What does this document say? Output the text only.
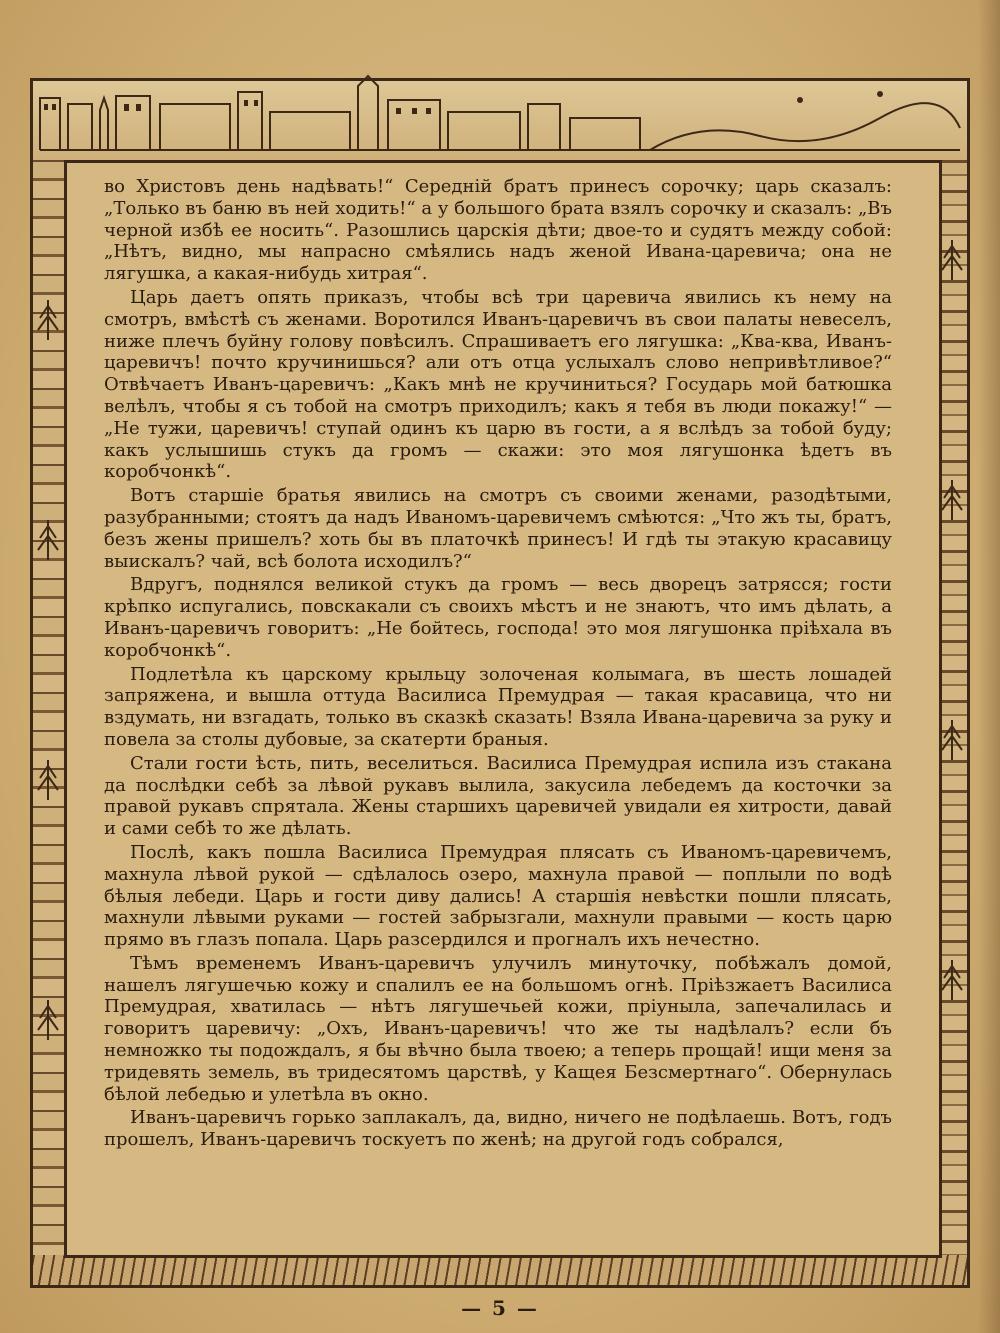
во Христовъ день надѣвать!“ Середній братъ принесъ сорочку; царь сказалъ: „Только въ баню въ ней ходить!“ а у большого брата взялъ сорочку и сказалъ: „Въ черной избѣ ее носить“. Разошлись царскія дѣти; двое-то и судятъ между собой: „Нѣтъ, видно, мы напрасно смѣялись надъ женой Ивана-царевича; она не лягушка, а какая-нибудь хитрая“.

Царь даетъ опять приказъ, чтобы всѣ три царевича явились къ нему на смотръ, вмѣстѣ съ женами. Воротился Иванъ-царевичъ въ свои палаты невеселъ, ниже плечъ буйну голову повѣсилъ. Спрашиваетъ его лягушка: „Ква-ква, Иванъ-царевичъ! почто кручинишься? али отъ отца услыхалъ слово непривѣтливое?“ Отвѣчаетъ Иванъ-царевичъ: „Какъ мнѣ не кручиниться? Государь мой батюшка велѣлъ, чтобы я съ тобой на смотръ приходилъ; какъ я тебя въ люди покажу!“ — „Не тужи, царевичъ! ступай одинъ къ царю въ гости, а я вслѣдъ за тобой буду; какъ услышишь стукъ да громъ — скажи: это моя лягушонка ѣдетъ въ коробчонкѣ“.

Вотъ старшіе братья явились на смотръ съ своими женами, разодѣтыми, разубранными; стоятъ да надъ Иваномъ-царевичемъ смѣются: „Что жъ ты, братъ, безъ жены пришелъ? хоть бы въ платочкѣ принесъ! И гдѣ ты этакую красавицу выискалъ? чай, всѣ болота исходилъ?“

Вдругъ, поднялся великой стукъ да громъ — весь дворецъ затрясся; гости крѣпко испугались, повскакали съ своихъ мѣстъ и не знаютъ, что имъ дѣлать, а Иванъ-царевичъ говоритъ: „Не бойтесь, господа! это моя лягушонка пріѣхала въ коробчонкѣ“.

Подлетѣла къ царскому крыльцу золоченая колымага, въ шесть лошадей запряжена, и вышла оттуда Василиса Премудрая — такая красавица, что ни вздумать, ни взгадать, только въ сказкѣ сказать! Взяла Ивана-царевича за руку и повела за столы дубовые, за скатерти браныя.

Стали гости ѣсть, пить, веселиться. Василиса Премудрая испила изъ стакана да послѣдки себѣ за лѣвой рукавъ вылила, закусила лебедемъ да косточки за правой рукавъ спрятала. Жены старшихъ царевичей увидали ея хитрости, давай и сами себѣ то же дѣлать.

Послѣ, какъ пошла Василиса Премудрая плясать съ Иваномъ-царевичемъ, махнула лѣвой рукой — сдѣлалось озеро, махнула правой — поплыли по водѣ бѣлыя лебеди. Царь и гости диву дались! А старшія невѣстки пошли плясать, махнули лѣвыми руками — гостей забрызгали, махнули правыми — кость царю прямо въ глазъ попала. Царь разсердился и прогналъ ихъ нечестно.

Тѣмъ временемъ Иванъ-царевичъ улучилъ минуточку, побѣжалъ домой, нашелъ лягушечью кожу и спалилъ ее на большомъ огнѣ. Пріѣзжаетъ Василиса Премудрая, хватилась — нѣтъ лягушечьей кожи, пріуныла, запечалилась и говоритъ царевичу: „Охъ, Иванъ-царевичъ! что же ты надѣлалъ? если бъ немножко ты подождалъ, я бы вѣчно была твоею; а теперь прощай! ищи меня за тридевять земель, въ тридесятомъ царствѣ, у Кащея Безсмертнаго“. Обернулась бѣлой лебедью и улетѣла въ окно.

Иванъ-царевичъ горько заплакалъ, да, видно, ничего не подѣлаешь. Вотъ, годъ прошелъ, Иванъ-царевичъ тоскуетъ по женѣ; на другой годъ собрался,

— 5 —
